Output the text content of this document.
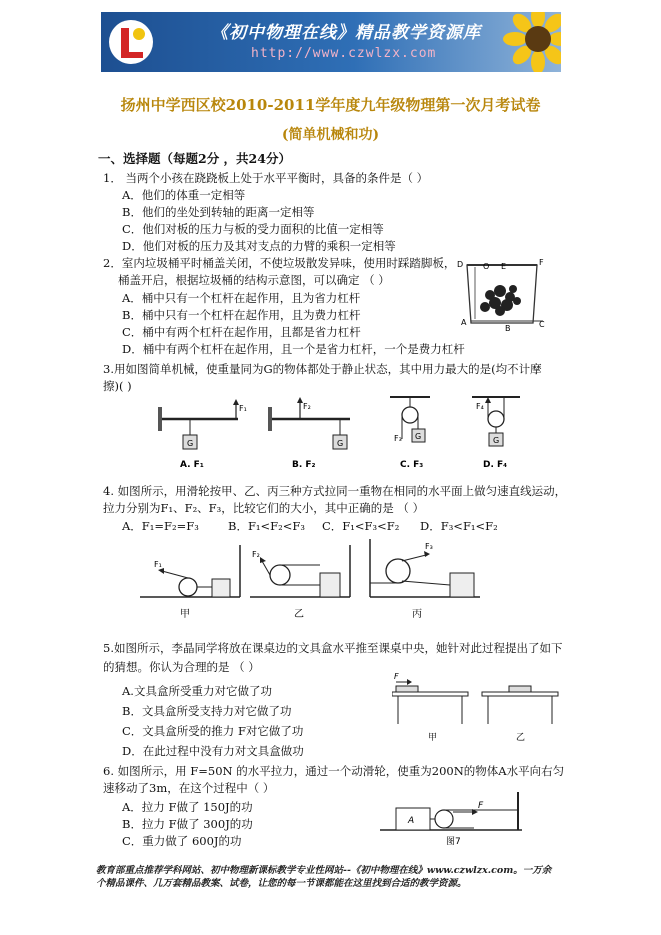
《初中物理在线》精品教学资源库
http://www.czwlzx.com
扬州中学西区校2010-2011学年度九年级物理第一次月考试卷
(简单机械和功)
一、选择题（每题2分 ，共24分）
1． 当两个小孩在跷跷板上处于水平平衡时，具备的条件是（ ）
A．他们的体重一定相等
B．他们的坐处到转轴的距离一定相等
C．他们对板的压力与板的受力面积的比值一定相等
D．他们对板的压力及其对支点的力臂的乘积一定相等
2．室内垃圾桶平时桶盖关闭，不使垃圾散发异味，使用时踩踏脚板，
桶盖开启，根据垃圾桶的结构示意图，可以确定 （ ）
A．桶中只有一个杠杆在起作用，且为省力杠杆
B．桶中只有一个杠杆在起作用，且为费力杠杆
C．桶中有两个杠杆在起作用，且都是省力杠杆
D．桶中有两个杠杆在起作用，且一个是省力杠杆，一个是费力杠杆
D O E	F
A
B	C
3.用如图简单机械，使重量同为G的物体都处于静止状态，其中用力最大的是(均不计摩
擦)( )
G
F₁
A. F₁
G
F₂
B. F₂
G
F₃
C. F₃
G
F₄
D. F₄
4. 如图所示，用滑轮按甲、乙、丙三种方式拉同一重物在相同的水平面上做匀速直线运动，
拉力分别为F₁、F₂、F₃，比较它们的大小，其中正确的是 （ ）
A．F₁=F₂=F₃	B．F₁<F₂<F₃ C．F₁<F₃<F₂ D．F₃<F₁<F₂
F₁
甲
F₂
乙
F₃
丙
5.如图所示，李晶同学将放在课桌边的文具盒水平推至课桌中央，她针对此过程提出了如下
的猜想。你认为合理的是 （ ）
A.文具盒所受重力对它做了功
B．文具盒所受支持力对它做了功
C．文具盒所受的推力 F对它做了功
D．在此过程中没有力对文具盒做功
F
甲	乙
6. 如图所示，用 F=50N 的水平拉力，通过一个动滑轮，使重为200N的物体A水平向右匀
速移动了3m，在这个过程中（ ）
A．拉力 F做了 150J的功
B．拉力 F做了 300J的功
C．重力做了 600J的功
A
F
图7
教育部重点推荐学科网站、初中物理新课标教学专业性网站--《初中物理在线》www.czwlzx.com。一万余
个精品课件、几万套精品教案、试卷，让您的每一节课都能在这里找到合适的教学资源。
